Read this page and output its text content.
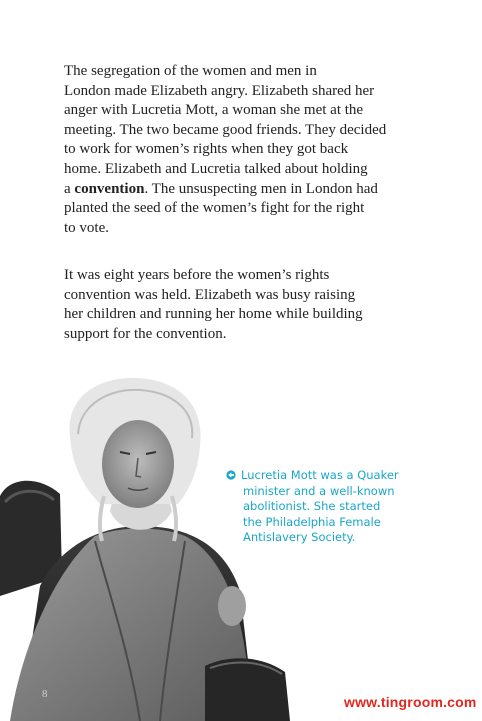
The segregation of the women and men in
London made Elizabeth angry. Elizabeth shared her
anger with Lucretia Mott, a woman she met at the
meeting. The two became good friends. They decided
to work for women’s rights when they got back
home. Elizabeth and Lucretia talked about holding
a convention. The unsuspecting men in London had
planted the seed of the women’s fight for the right
to vote.

It was eight years before the women’s rights
convention was held. Elizabeth was busy raising
her children and running her home while building
support for the convention.

Lucretia Mott was a Quaker
minister and a well-known
abolitionist. She started
the Philadelphia Female
Antislavery Society.
8	www.tingroom.com
